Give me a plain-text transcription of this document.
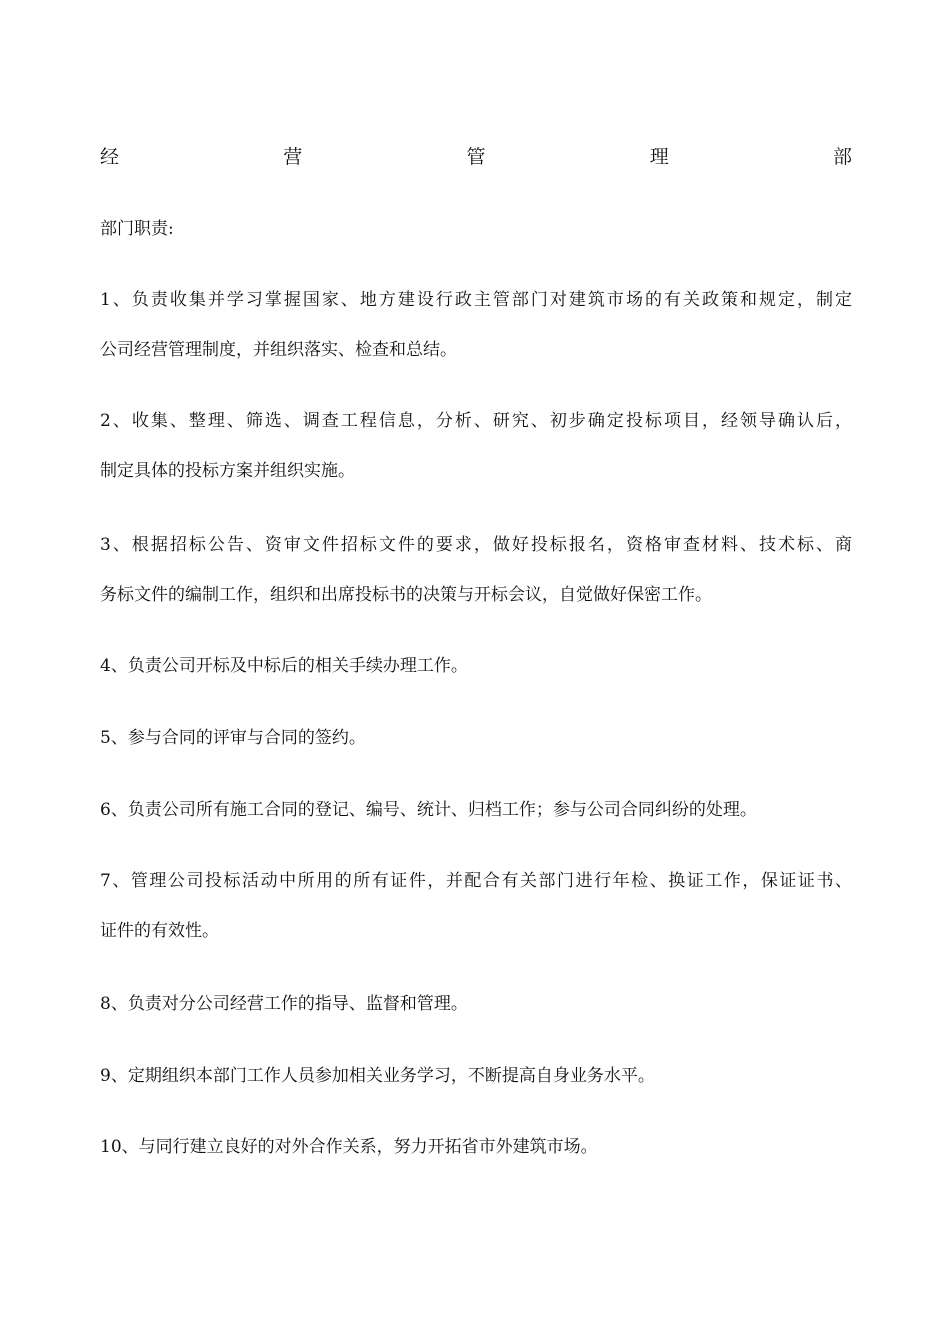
经	营	管	理	部
部门职责:
1、负责收集并学习掌握国家、地方建设行政主管部门对建筑市场的有关政策和规定，制定
公司经营管理制度，并组织落实、检查和总结。
2、收集、整理、筛选、调查工程信息，分析、研究、初步确定投标项目，经领导确认后，
制定具体的投标方案并组织实施。
3、根据招标公告、资审文件招标文件的要求，做好投标报名，资格审查材料、技术标、商
务标文件的编制工作，组织和出席投标书的决策与开标会议，自觉做好保密工作。
4、负责公司开标及中标后的相关手续办理工作。
5、参与合同的评审与合同的签约。
6、负责公司所有施工合同的登记、编号、统计、归档工作；参与公司合同纠纷的处理。
7、管理公司投标活动中所用的所有证件，并配合有关部门进行年检、换证工作，保证证书、
证件的有效性。
8、负责对分公司经营工作的指导、监督和管理。
9、定期组织本部门工作人员参加相关业务学习，不断提高自身业务水平。
10、与同行建立良好的对外合作关系，努力开拓省市外建筑市场。
